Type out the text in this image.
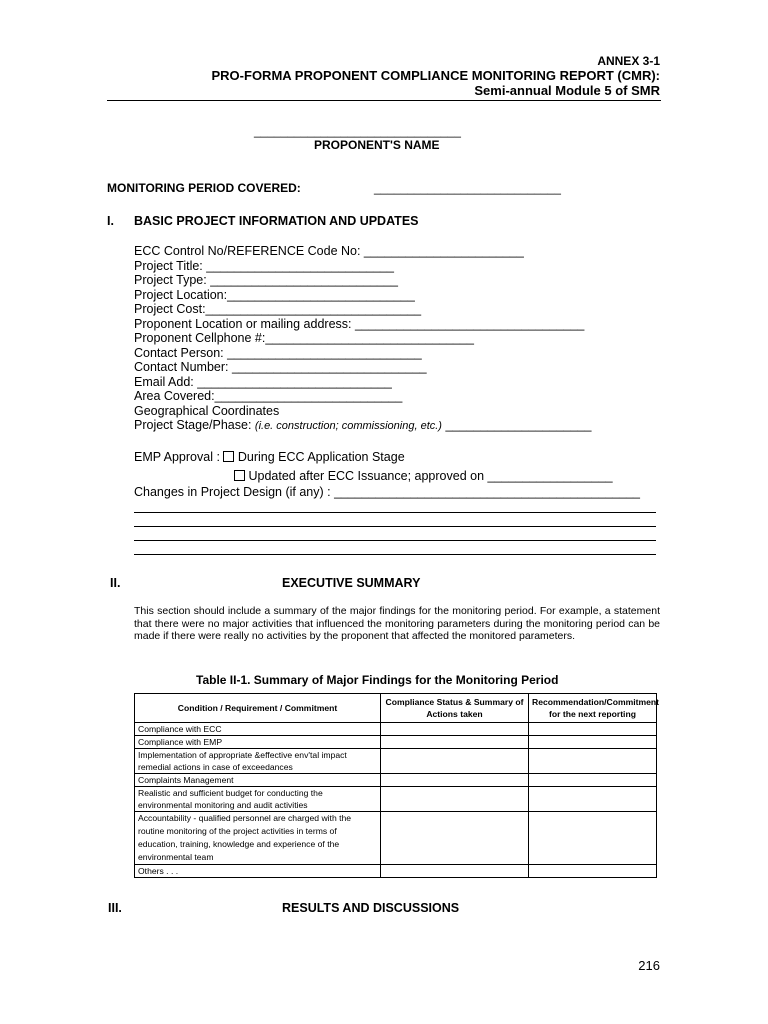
ANNEX 3-1
PRO-FORMA PROPONENT COMPLIANCE MONITORING REPORT (CMR):
Semi-annual Module 5 of SMR
_______________________________
PROPONENT'S NAME
MONITORING PERIOD COVERED:	____________________________
I. BASIC PROJECT INFORMATION AND UPDATES
ECC Control No/REFERENCE Code No: _______________________
Project Title: ___________________________
Project Type: ___________________________
Project Location:___________________________
Project Cost:_______________________________
Proponent Location or mailing address: _________________________________
Proponent Cellphone #:______________________________
Contact Person: ____________________________
Contact Number: ____________________________
Email Add: ____________________________
Area Covered:___________________________
Geographical Coordinates
Project Stage/Phase: (i.e. construction; commissioning, etc.) _____________________
EMP Approval :  During ECC Application Stage
Updated after ECC Issuance; approved on __________________
Changes in Project Design (if any) : ____________________________________________
II.	EXECUTIVE SUMMARY
This section should include a summary of the major findings for the monitoring period. For example, a statement that there were no major activities that influenced the monitoring parameters during the monitoring period can be made if there were really no activities by the proponent that affected the monitored parameters.
Table II-1. Summary of Major Findings for the Monitoring Period
Condition / Requirement / Commitment	Compliance Status & Summary of Actions taken	Recommendation/Commitment for the next reporting
Compliance with ECC		
Compliance with EMP		
Implementation of appropriate &effective env'tal impact remedial actions in case of exceedances		
Complaints Management		
Realistic and sufficient budget for conducting the environmental monitoring and audit activities		
Accountability - qualified personnel are charged with the routine monitoring of the project activities in terms of education, training, knowledge and experience of the environmental team		
Others . . .		
III.	RESULTS AND DISCUSSIONS
216
